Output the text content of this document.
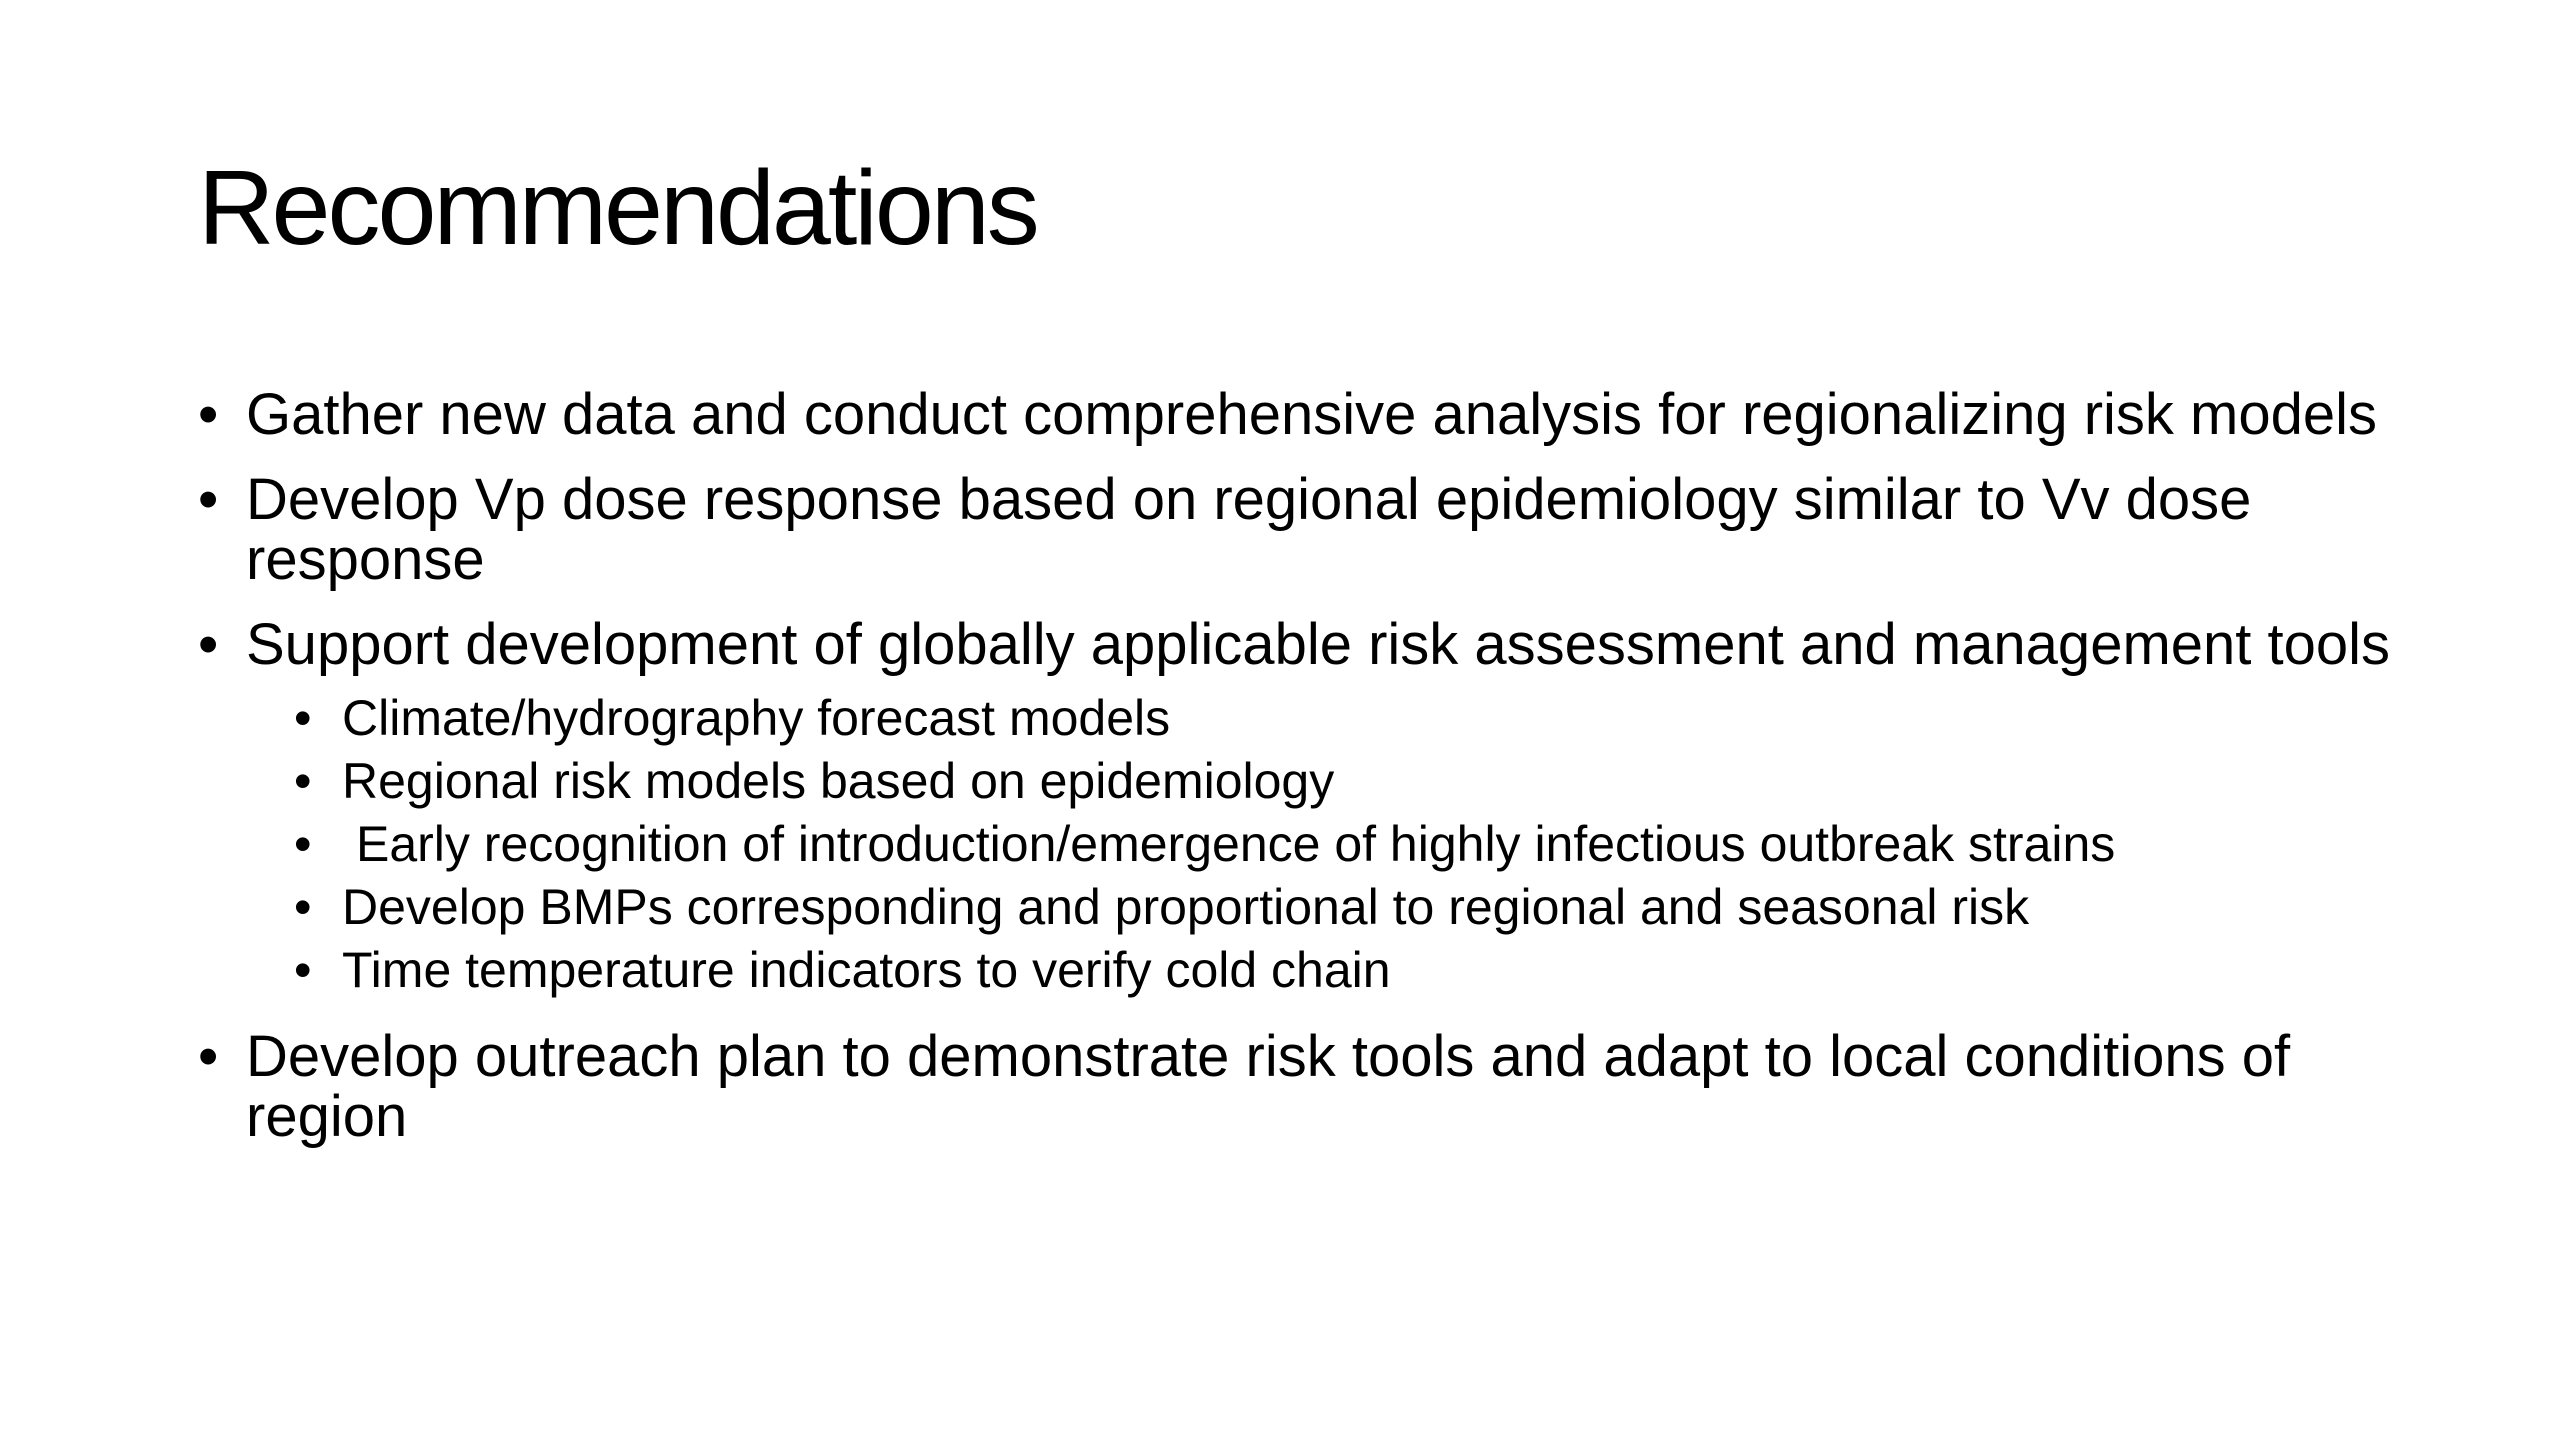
Recommendations
• Gather new data and conduct comprehensive analysis for regionalizing risk models
• Develop Vp dose response based on regional epidemiology similar to Vv dose response
• Support development of globally applicable risk assessment and management tools
• Climate/hydrography forecast models
• Regional risk models based on epidemiology
• Early recognition of introduction/emergence of highly infectious outbreak strains
• Develop BMPs corresponding and proportional to regional and seasonal risk
• Time temperature indicators to verify cold chain
• Develop outreach plan to demonstrate risk tools and adapt to local conditions of region
